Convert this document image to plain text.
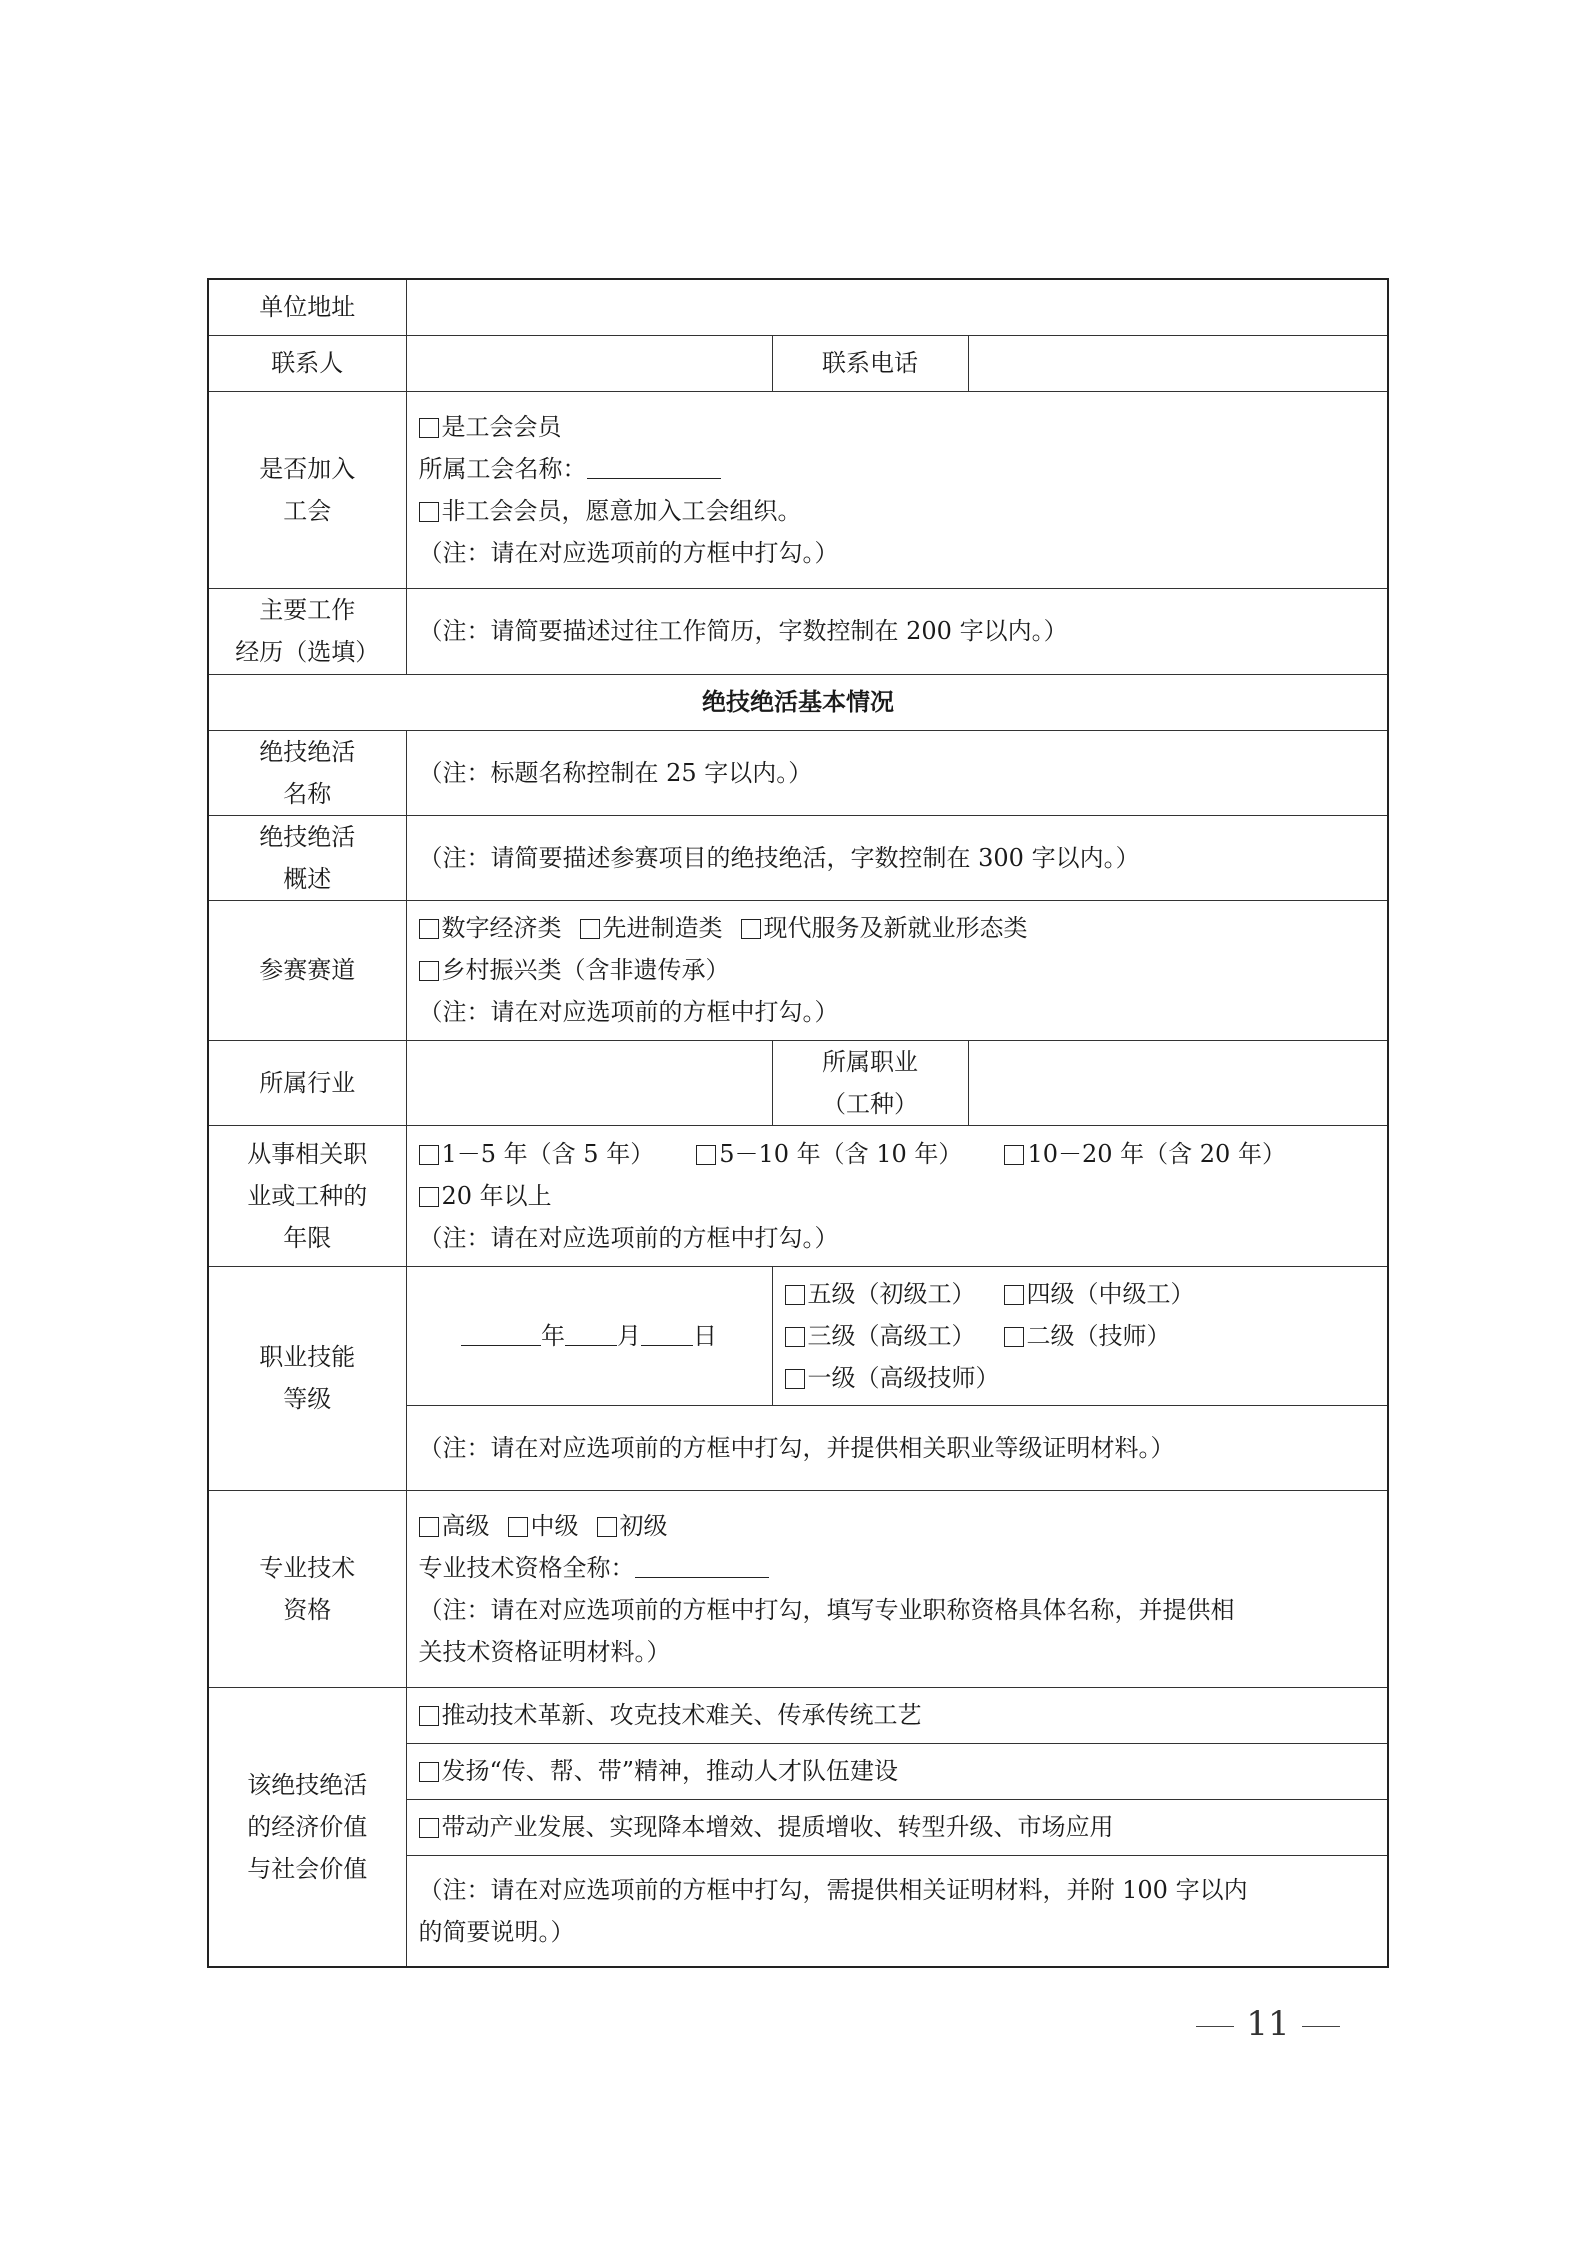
单位地址			
联系人		联系电话	

是否加入
工会	是工会会员
所属工会名称：
非工会会员，愿意加入工会组织。
（注：请在对应选项前的方框中打勾。）		

主要工作
经历（选填）	（注：请简要描述过往工作简历，字数控制在 200 字以内。）		
绝技绝活基本情况			

绝技绝活
名称	（注：标题名称控制在 25 字以内。）		

绝技绝活
概述	（注：请简要描述参赛项目的绝技绝活，字数控制在 300 字以内。）		
参赛赛道	数字经济类 先进制造类 现代服务及新就业形态类
乡村振兴类（含非遗传承）
（注：请在对应选项前的方框中打勾。）		

所属行业		所属职业
（工种）	

从事相关职
业或工种的
年限	1－5 年（含 5 年） 5－10 年（含 10 年） 10－20 年（含 20 年）
20 年以上
（注：请在对应选项前的方框中打勾。）		

职业技能
等级	年 月 日	五级（初级工） 四级（中级工）
三级（高级工） 二级（技师）
一级（高级技师）	

	（注：请在对应选项前的方框中打勾，并提供相关职业等级证明材料。）		

专业技术
资格	高级 中级 初级
专业技术资格全称：
（注：请在对应选项前的方框中打勾，填写专业职称资格具体名称，并提供相
关技术资格证明材料。）		

该绝技绝活
的经济价值
与社会价值	推动技术革新、攻克技术难关、传承传统工艺		
	发扬“传、帮、带”精神，推动人才队伍建设		
	带动产业发展、实现降本增效、提质增收、转型升级、市场应用		

	（注：请在对应选项前的方框中打勾，需提供相关证明材料，并附 100 字以内
的简要说明。）		
11
